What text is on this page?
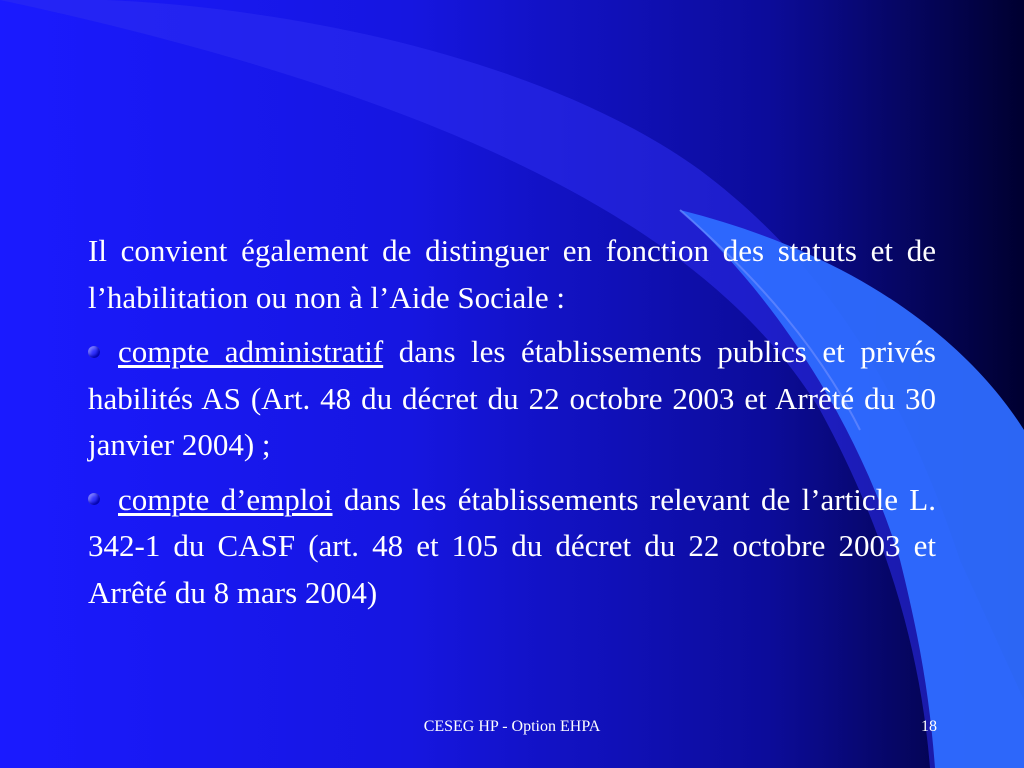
Il convient également de distinguer en fonction des statuts et de l’habilitation ou non à l’Aide Sociale :

compte administratif dans les établissements publics et privés habilités AS (Art. 48 du décret du 22 octobre 2003 et Arrêté du 30 janvier 2004) ;

compte d’emploi dans les établissements relevant de l’article L. 342-1 du CASF (art. 48 et 105 du décret du 22 octobre 2003 et Arrêté du 8 mars 2004)

CESEG HP - Option EHPA	18
